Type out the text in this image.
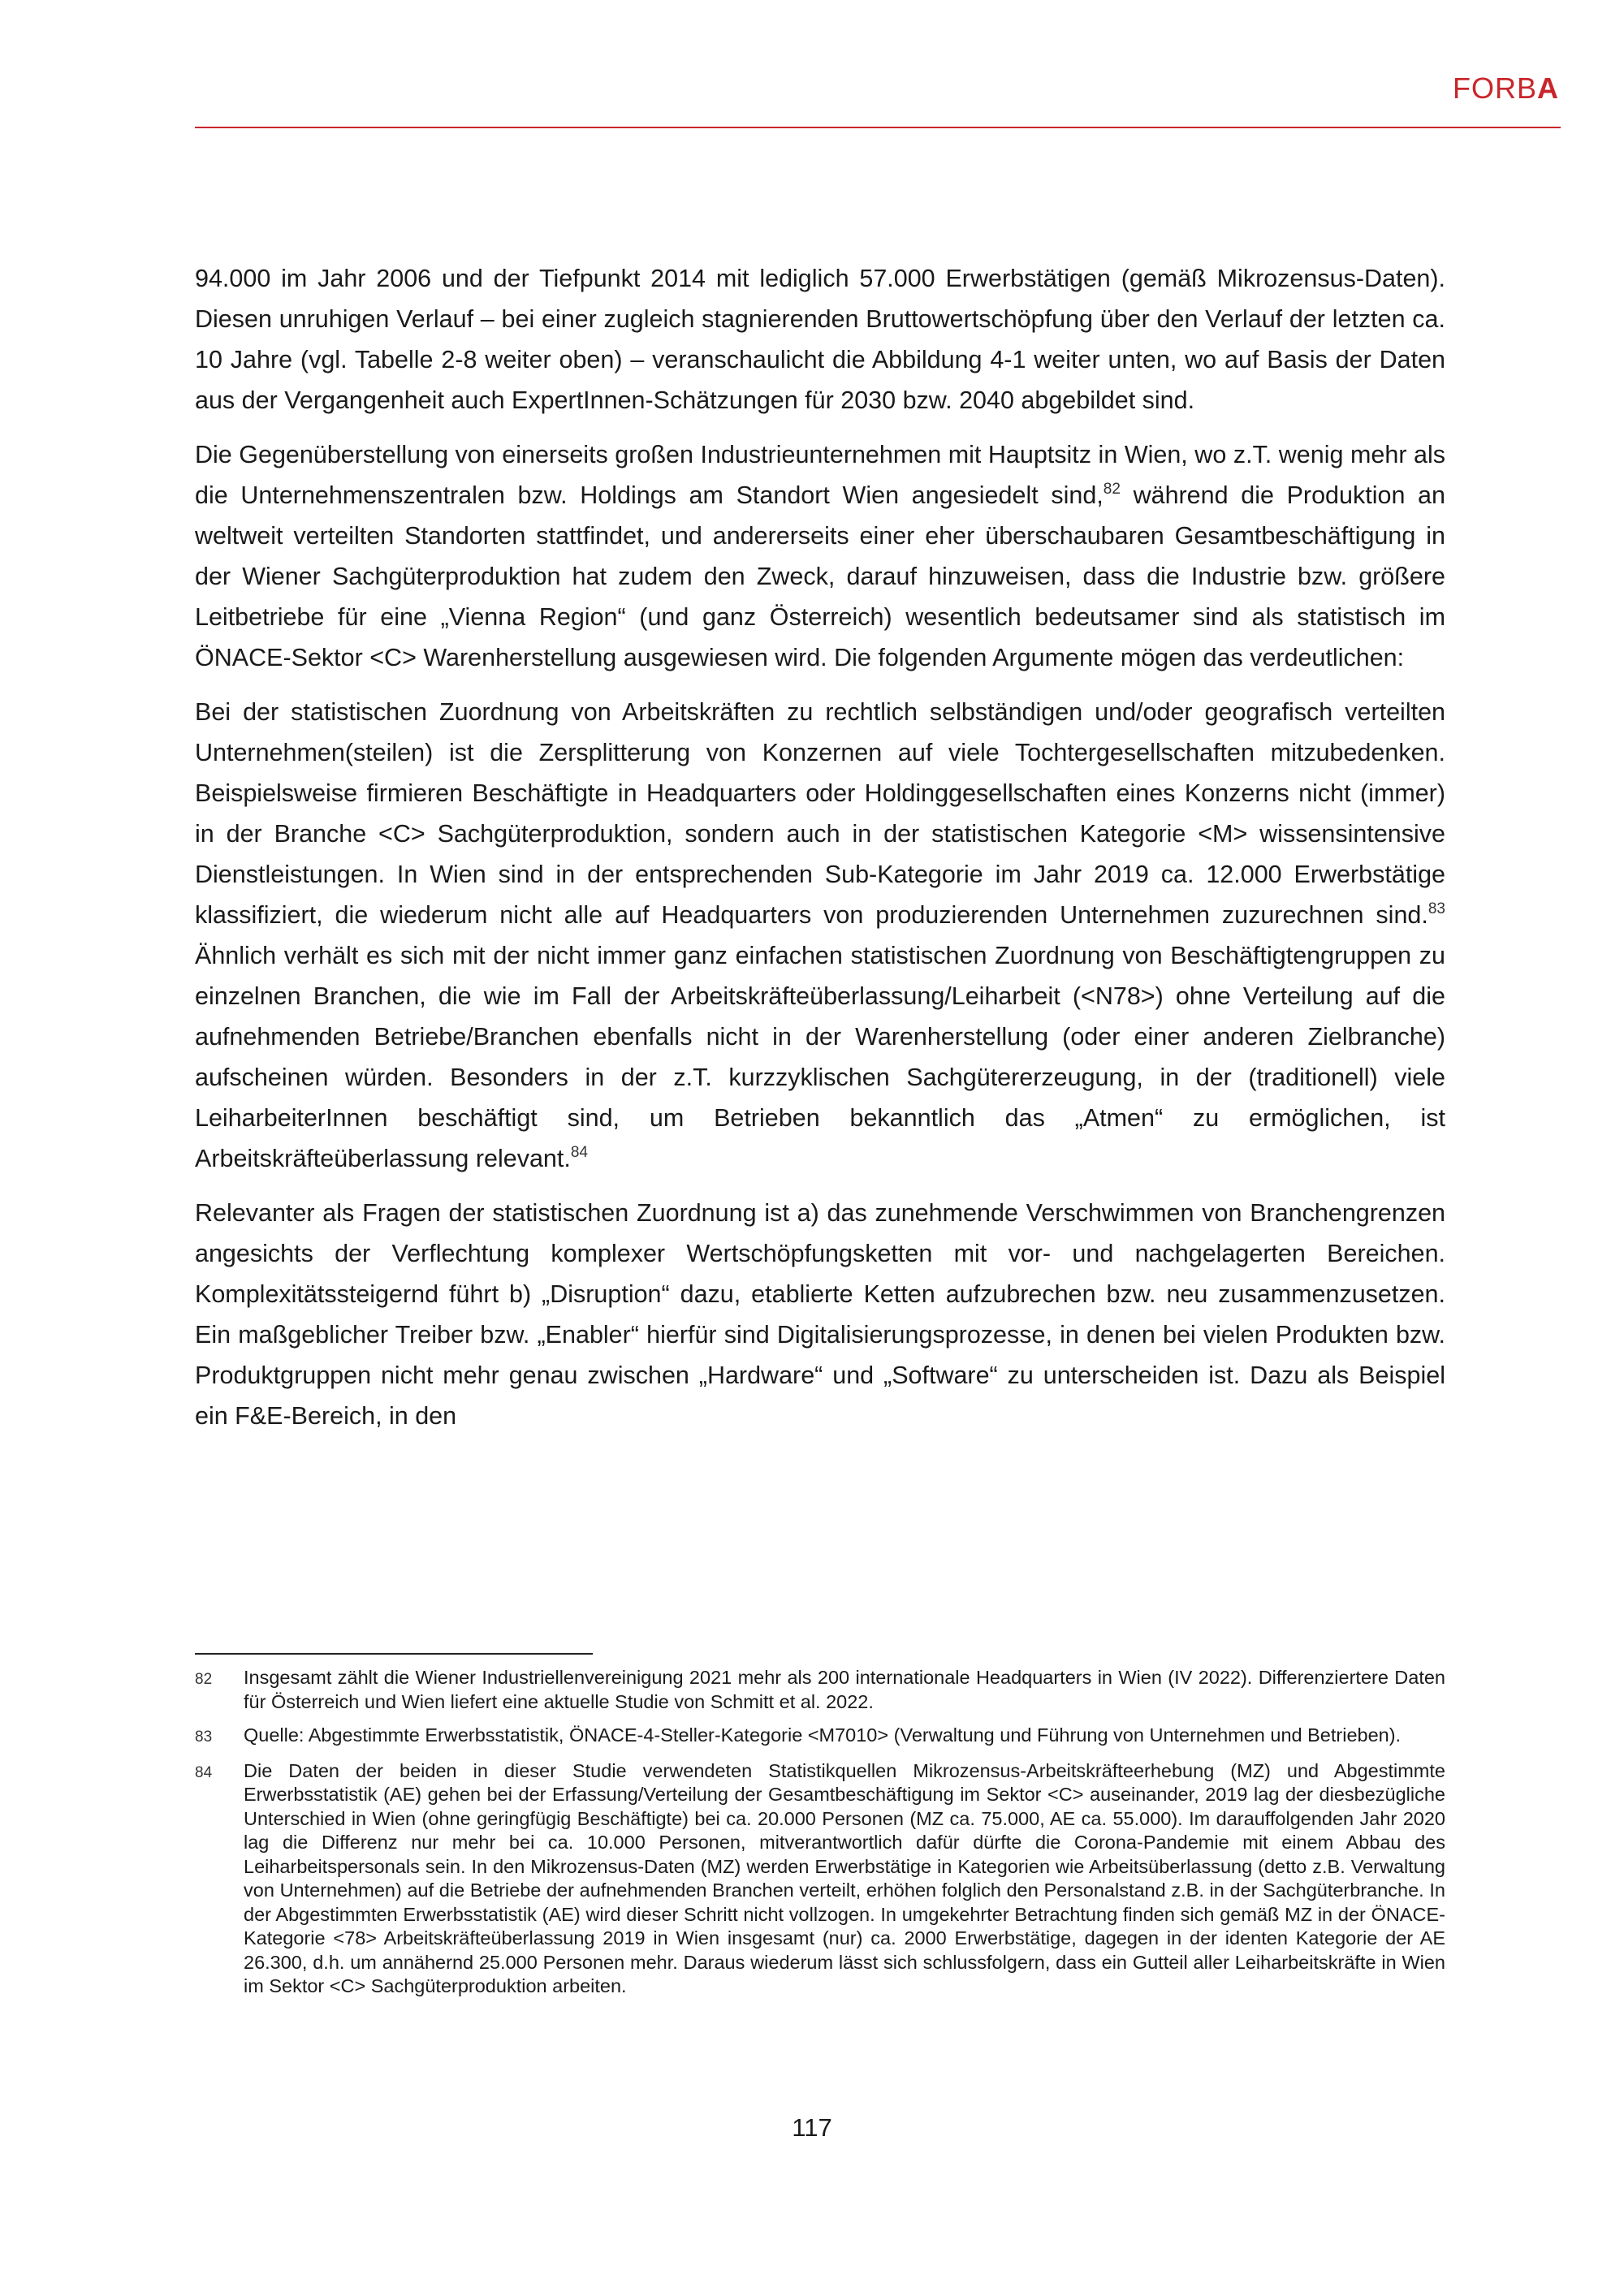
FORBA

94.000 im Jahr 2006 und der Tiefpunkt 2014 mit lediglich 57.000 Erwerbstätigen (gemäß Mikrozensus-Daten). Diesen unruhigen Verlauf – bei einer zugleich stagnierenden Bruttowertschöpfung über den Verlauf der letzten ca. 10 Jahre (vgl. Tabelle 2-8 weiter oben) – veranschaulicht die Abbildung 4-1 weiter unten, wo auf Basis der Daten aus der Vergangenheit auch ExpertInnen-Schätzungen für 2030 bzw. 2040 abgebildet sind.

Die Gegenüberstellung von einerseits großen Industrieunternehmen mit Hauptsitz in Wien, wo z.T. wenig mehr als die Unternehmenszentralen bzw. Holdings am Standort Wien angesiedelt sind,$^{82}$ während die Produktion an weltweit verteilten Standorten stattfindet, und andererseits einer eher überschaubaren Gesamtbeschäftigung in der Wiener Sachgüterproduktion hat zudem den Zweck, darauf hinzuweisen, dass die Industrie bzw. größere Leitbetriebe für eine „Vienna Region“ (und ganz Österreich) wesentlich bedeutsamer sind als statistisch im ÖNACE-Sektor <C> Warenherstellung ausgewiesen wird. Die folgenden Argumente mögen das verdeutlichen:

Bei der statistischen Zuordnung von Arbeitskräften zu rechtlich selbständigen und/oder geografisch verteilten Unternehmen(steilen) ist die Zersplitterung von Konzernen auf viele Tochtergesellschaften mitzubedenken. Beispielsweise firmieren Beschäftigte in Headquarters oder Holdinggesellschaften eines Konzerns nicht (immer) in der Branche <C> Sachgüterproduktion, sondern auch in der statistischen Kategorie <M> wissensintensive Dienstleistungen. In Wien sind in der entsprechenden Sub-Kategorie im Jahr 2019 ca. 12.000 Erwerbstätige klassifiziert, die wiederum nicht alle auf Headquarters von produzierenden Unternehmen zuzurechnen sind.$^{83}$ Ähnlich verhält es sich mit der nicht immer ganz einfachen statistischen Zuordnung von Beschäftigtengruppen zu einzelnen Branchen, die wie im Fall der Arbeitskräfteüberlassung/Leiharbeit (<N78>) ohne Verteilung auf die aufnehmenden Betriebe/Branchen ebenfalls nicht in der Warenherstellung (oder einer anderen Zielbranche) aufscheinen würden. Besonders in der z.T. kurzzyklischen Sachgütererzeugung, in der (traditionell) viele LeiharbeiterInnen beschäftigt sind, um Betrieben bekanntlich das „Atmen“ zu ermöglichen, ist Arbeitskräfteüberlassung relevant.$^{84}$

Relevanter als Fragen der statistischen Zuordnung ist a) das zunehmende Verschwimmen von Branchengrenzen angesichts der Verflechtung komplexer Wertschöpfungsketten mit vor- und nachgelagerten Bereichen. Komplexitätssteigernd führt b) „Disruption“ dazu, etablierte Ketten aufzubrechen bzw. neu zusammenzusetzen. Ein maßgeblicher Treiber bzw. „Enabler“ hierfür sind Digitalisierungsprozesse, in denen bei vielen Produkten bzw. Produktgruppen nicht mehr genau zwischen „Hardware“ und „Software“ zu unterscheiden ist. Dazu als Beispiel ein F&E-Bereich, in den

82	Insgesamt zählt die Wiener Industriellenvereinigung 2021 mehr als 200 internationale Headquarters in Wien (IV 2022). Differenziertere Daten für Österreich und Wien liefert eine aktuelle Studie von Schmitt et al. 2022.
83	Quelle: Abgestimmte Erwerbsstatistik, ÖNACE-4-Steller-Kategorie <M7010> (Verwaltung und Führung von Unternehmen und Betrieben).
84	Die Daten der beiden in dieser Studie verwendeten Statistikquellen Mikrozensus-Arbeitskräfteerhebung (MZ) und Abgestimmte Erwerbsstatistik (AE) gehen bei der Erfassung/Verteilung der Gesamtbeschäftigung im Sektor <C> auseinander, 2019 lag der diesbezügliche Unterschied in Wien (ohne geringfügig Beschäftigte) bei ca. 20.000 Personen (MZ ca. 75.000, AE ca. 55.000). Im darauffolgenden Jahr 2020 lag die Differenz nur mehr bei ca. 10.000 Personen, mitverantwortlich dafür dürfte die Corona-Pandemie mit einem Abbau des Leiharbeitspersonals sein. In den Mikrozensus-Daten (MZ) werden Erwerbstätige in Kategorien wie Arbeitsüberlassung (detto z.B. Verwaltung von Unternehmen) auf die Betriebe der aufnehmenden Branchen verteilt, erhöhen folglich den Personalstand z.B. in der Sachgüterbranche. In der Abgestimmten Erwerbsstatistik (AE) wird dieser Schritt nicht vollzogen. In umgekehrter Betrachtung finden sich gemäß MZ in der ÖNACE-Kategorie <78> Arbeitskräfteüberlassung 2019 in Wien insgesamt (nur) ca. 2000 Erwerbstätige, dagegen in der identen Kategorie der AE 26.300, d.h. um annähernd 25.000 Personen mehr. Daraus wiederum lässt sich schlussfolgern, dass ein Gutteil aller Leiharbeitskräfte in Wien im Sektor <C> Sachgüterproduktion arbeiten.
117
